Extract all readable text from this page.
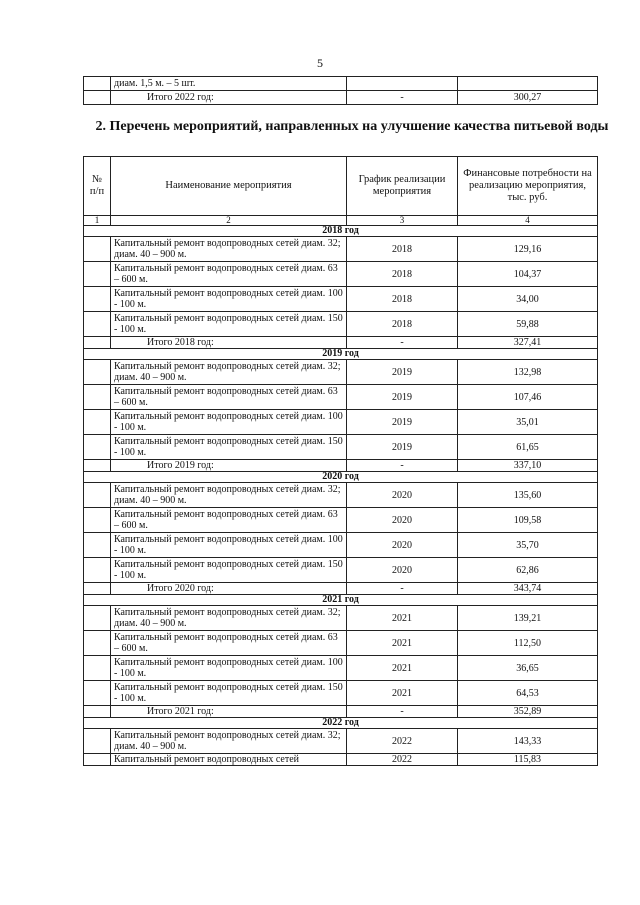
5
	диам. 1,5 м. – 5 шт.		
	Итого 2022 год:	-	300,27
2. Перечень мероприятий, направленных на улучшение качества питьевой воды
№ п/п	Наименование мероприятия	График реализации мероприятия	Финансовые потребности на реализацию мероприятия, тыс. руб.
1	2	3	4
2018 год			
	Капитальный ремонт водопроводных сетей диам. 32; диам. 40 – 900 м.	2018	129,16
	Капитальный ремонт водопроводных сетей диам. 63 – 600 м.	2018	104,37
	Капитальный ремонт водопроводных сетей диам. 100 - 100 м.	2018	34,00
	Капитальный ремонт водопроводных сетей диам. 150 - 100 м.	2018	59,88
	Итого 2018 год:	-	327,41
2019 год			
	Капитальный ремонт водопроводных сетей диам. 32; диам. 40 – 900 м.	2019	132,98
	Капитальный ремонт водопроводных сетей диам. 63 – 600 м.	2019	107,46
	Капитальный ремонт водопроводных сетей диам. 100 - 100 м.	2019	35,01
	Капитальный ремонт водопроводных сетей диам. 150 - 100 м.	2019	61,65
	Итого 2019 год:	-	337,10
2020 год			
	Капитальный ремонт водопроводных сетей диам. 32; диам. 40 – 900 м.	2020	135,60
	Капитальный ремонт водопроводных сетей диам. 63 – 600 м.	2020	109,58
	Капитальный ремонт водопроводных сетей диам. 100 - 100 м.	2020	35,70
	Капитальный ремонт водопроводных сетей диам. 150 - 100 м.	2020	62,86
	Итого 2020 год:	-	343,74
2021 год			
	Капитальный ремонт водопроводных сетей диам. 32; диам. 40 – 900 м.	2021	139,21
	Капитальный ремонт водопроводных сетей диам. 63 – 600 м.	2021	112,50
	Капитальный ремонт водопроводных сетей диам. 100 - 100 м.	2021	36,65
	Капитальный ремонт водопроводных сетей диам. 150 - 100 м.	2021	64,53
	Итого 2021 год:	-	352,89
2022 год			
	Капитальный ремонт водопроводных сетей диам. 32; диам. 40 – 900 м.	2022	143,33
	Капитальный ремонт водопроводных сетей	2022	115,83
